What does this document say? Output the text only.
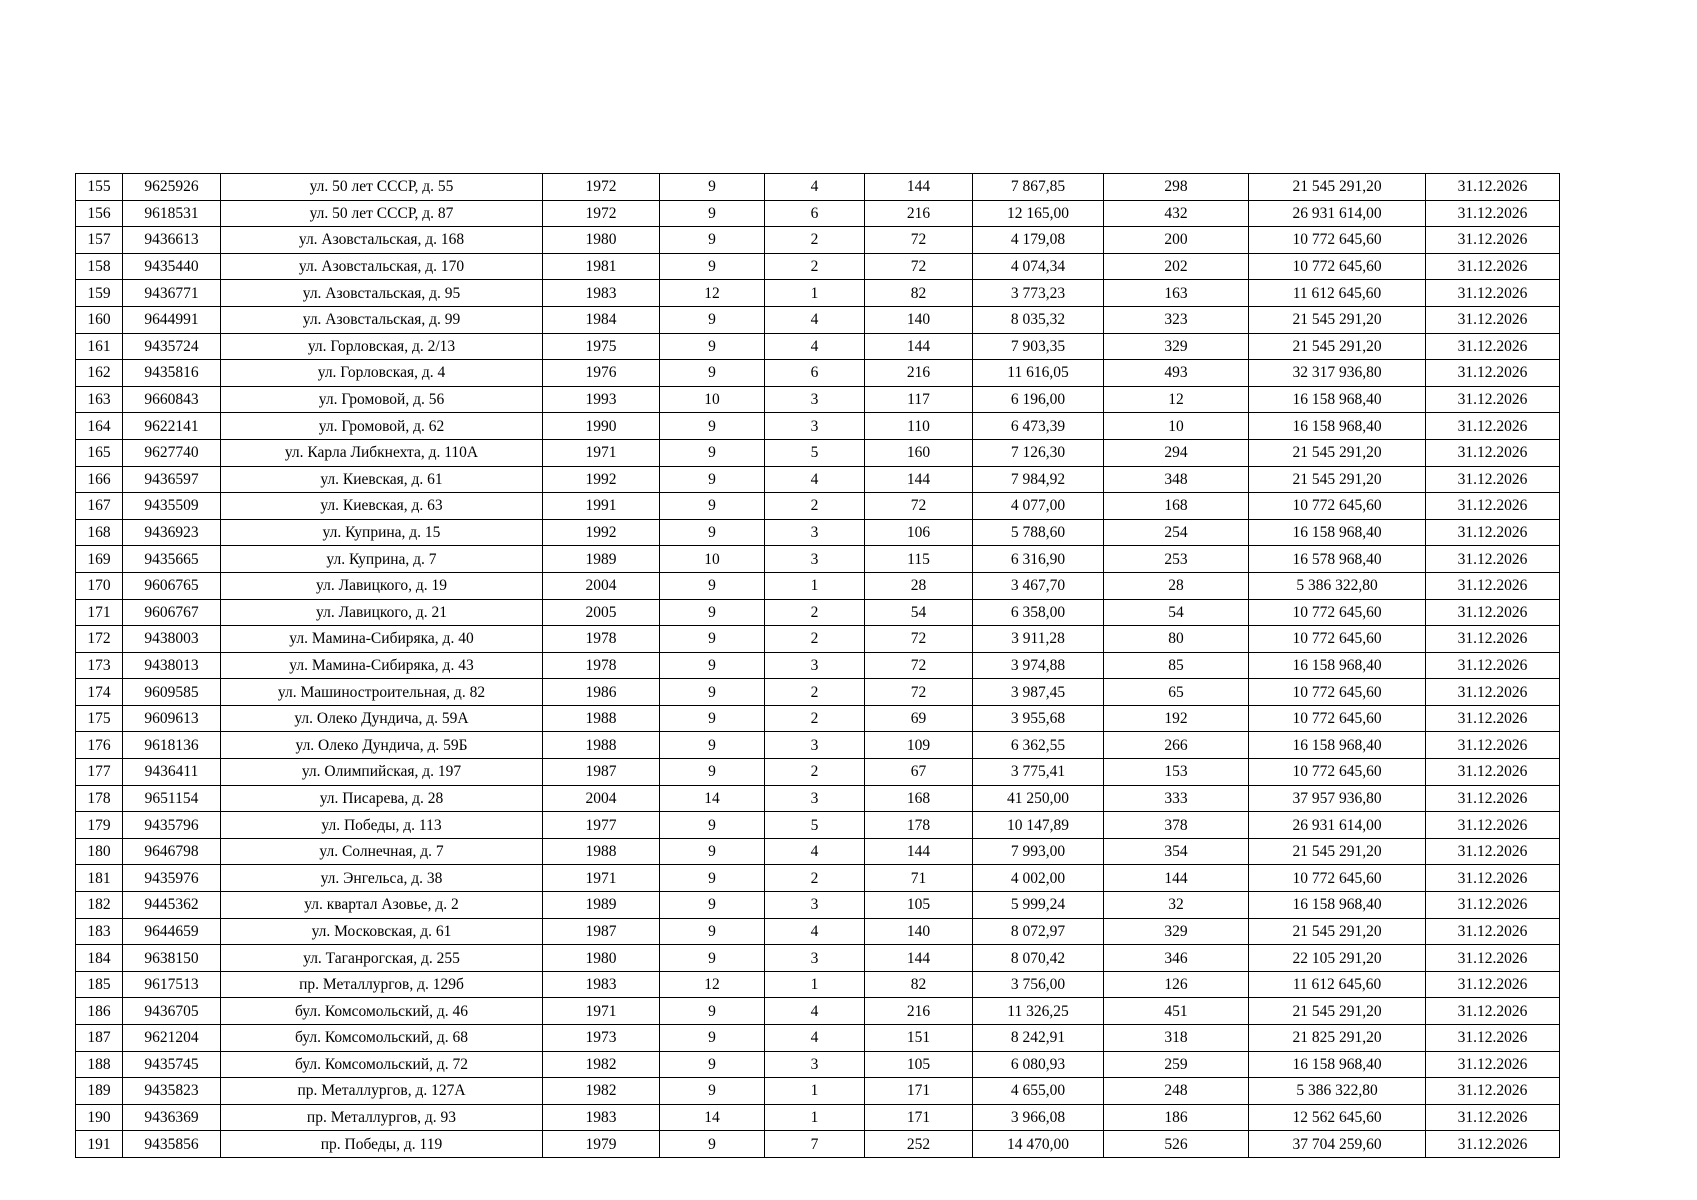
155	9625926	ул. 50 лет СССР, д. 55	1972	9	4	144	7 867,85	298	21 545 291,20	31.12.2026
156	9618531	ул. 50 лет СССР, д. 87	1972	9	6	216	12 165,00	432	26 931 614,00	31.12.2026
157	9436613	ул. Азовстальская, д. 168	1980	9	2	72	4 179,08	200	10 772 645,60	31.12.2026
158	9435440	ул. Азовстальская, д. 170	1981	9	2	72	4 074,34	202	10 772 645,60	31.12.2026
159	9436771	ул. Азовстальская, д. 95	1983	12	1	82	3 773,23	163	11 612 645,60	31.12.2026
160	9644991	ул. Азовстальская, д. 99	1984	9	4	140	8 035,32	323	21 545 291,20	31.12.2026
161	9435724	ул. Горловская, д. 2/13	1975	9	4	144	7 903,35	329	21 545 291,20	31.12.2026
162	9435816	ул. Горловская, д. 4	1976	9	6	216	11 616,05	493	32 317 936,80	31.12.2026
163	9660843	ул. Громовой, д. 56	1993	10	3	117	6 196,00	12	16 158 968,40	31.12.2026
164	9622141	ул. Громовой, д. 62	1990	9	3	110	6 473,39	10	16 158 968,40	31.12.2026
165	9627740	ул. Карла Либкнехта, д. 110А	1971	9	5	160	7 126,30	294	21 545 291,20	31.12.2026
166	9436597	ул. Киевская, д. 61	1992	9	4	144	7 984,92	348	21 545 291,20	31.12.2026
167	9435509	ул. Киевская, д. 63	1991	9	2	72	4 077,00	168	10 772 645,60	31.12.2026
168	9436923	ул. Куприна, д. 15	1992	9	3	106	5 788,60	254	16 158 968,40	31.12.2026
169	9435665	ул. Куприна, д. 7	1989	10	3	115	6 316,90	253	16 578 968,40	31.12.2026
170	9606765	ул. Лавицкого, д. 19	2004	9	1	28	3 467,70	28	5 386 322,80	31.12.2026
171	9606767	ул. Лавицкого, д. 21	2005	9	2	54	6 358,00	54	10 772 645,60	31.12.2026
172	9438003	ул. Мамина-Сибиряка, д. 40	1978	9	2	72	3 911,28	80	10 772 645,60	31.12.2026
173	9438013	ул. Мамина-Сибиряка, д. 43	1978	9	3	72	3 974,88	85	16 158 968,40	31.12.2026
174	9609585	ул. Машиностроительная, д. 82	1986	9	2	72	3 987,45	65	10 772 645,60	31.12.2026
175	9609613	ул. Олеко Дундича, д. 59А	1988	9	2	69	3 955,68	192	10 772 645,60	31.12.2026
176	9618136	ул. Олеко Дундича, д. 59Б	1988	9	3	109	6 362,55	266	16 158 968,40	31.12.2026
177	9436411	ул. Олимпийская, д. 197	1987	9	2	67	3 775,41	153	10 772 645,60	31.12.2026
178	9651154	ул. Писарева, д. 28	2004	14	3	168	41 250,00	333	37 957 936,80	31.12.2026
179	9435796	ул. Победы, д. 113	1977	9	5	178	10 147,89	378	26 931 614,00	31.12.2026
180	9646798	ул. Солнечная, д. 7	1988	9	4	144	7 993,00	354	21 545 291,20	31.12.2026
181	9435976	ул. Энгельса, д. 38	1971	9	2	71	4 002,00	144	10 772 645,60	31.12.2026
182	9445362	ул. квартал Азовье, д. 2	1989	9	3	105	5 999,24	32	16 158 968,40	31.12.2026
183	9644659	ул. Московская, д. 61	1987	9	4	140	8 072,97	329	21 545 291,20	31.12.2026
184	9638150	ул. Таганрогская, д. 255	1980	9	3	144	8 070,42	346	22 105 291,20	31.12.2026
185	9617513	пр. Металлургов, д. 129б	1983	12	1	82	3 756,00	126	11 612 645,60	31.12.2026
186	9436705	бул. Комсомольский, д. 46	1971	9	4	216	11 326,25	451	21 545 291,20	31.12.2026
187	9621204	бул. Комсомольский, д. 68	1973	9	4	151	8 242,91	318	21 825 291,20	31.12.2026
188	9435745	бул. Комсомольский, д. 72	1982	9	3	105	6 080,93	259	16 158 968,40	31.12.2026
189	9435823	пр. Металлургов, д. 127А	1982	9	1	171	4 655,00	248	5 386 322,80	31.12.2026
190	9436369	пр. Металлургов, д. 93	1983	14	1	171	3 966,08	186	12 562 645,60	31.12.2026
191	9435856	пр. Победы, д. 119	1979	9	7	252	14 470,00	526	37 704 259,60	31.12.2026
